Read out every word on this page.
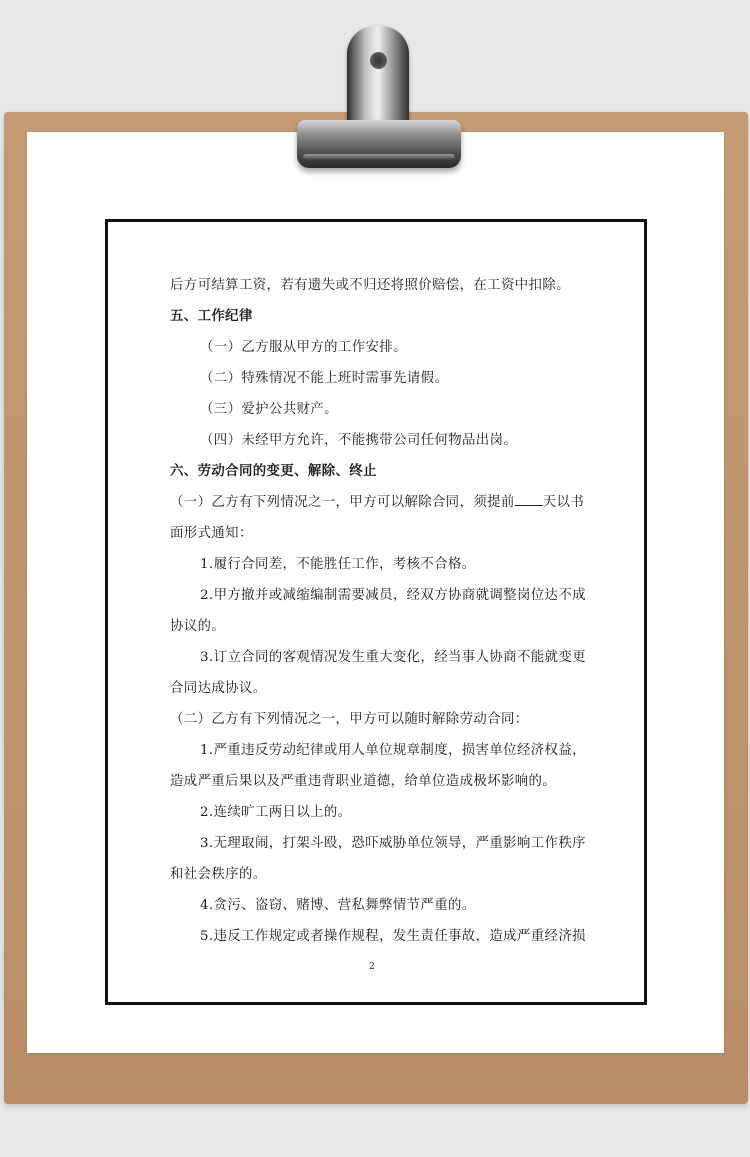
后方可结算工资，若有遗失或不归还将照价赔偿，在工资中扣除。
五、工作纪律
（一）乙方服从甲方的工作安排。
（二）特殊情况不能上班时需事先请假。
（三）爱护公共财产。
（四）未经甲方允许，不能携带公司任何物品出岗。
六、劳动合同的变更、解除、终止
（一）乙方有下列情况之一，甲方可以解除合同，须提前 天以书
面形式通知：
1.履行合同差，不能胜任工作，考核不合格。
2.甲方撤并或减缩编制需要减员，经双方协商就调整岗位达不成
协议的。
3.订立合同的客观情况发生重大变化，经当事人协商不能就变更
合同达成协议。
（二）乙方有下列情况之一，甲方可以随时解除劳动合同：
1.严重违反劳动纪律或用人单位规章制度，损害单位经济权益，
造成严重后果以及严重违背职业道德，给单位造成极坏影响的。
2.连续旷工两日以上的。
3.无理取闹，打架斗殴，恐吓威胁单位领导，严重影响工作秩序
和社会秩序的。
4.贪污、盗窃、赌博、营私舞弊情节严重的。
5.违反工作规定或者操作规程，发生责任事故，造成严重经济损
2
